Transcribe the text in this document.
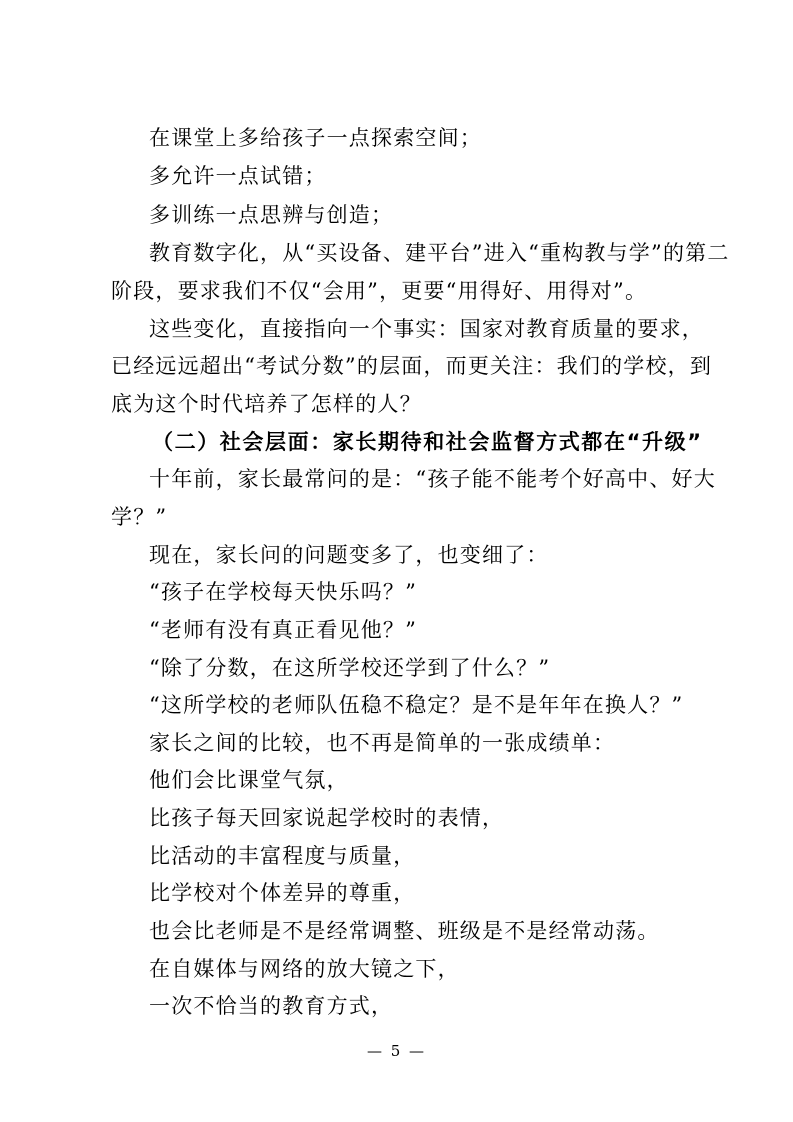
在课堂上多给孩子一点探索空间；
多允许一点试错；
多训练一点思辨与创造；
教育数字化，从“买设备、建平台”进入“重构教与学”的第二
阶段，要求我们不仅“会用”，更要“用得好、用得对”。
这些变化，直接指向一个事实：国家对教育质量的要求，
已经远远超出“考试分数”的层面，而更关注：我们的学校，到
底为这个时代培养了怎样的人？
（二）社会层面：家长期待和社会监督方式都在“升级”
十年前，家长最常问的是：“孩子能不能考个好高中、好大
学？”
现在，家长问的问题变多了，也变细了：
“孩子在学校每天快乐吗？”
“老师有没有真正看见他？”
“除了分数，在这所学校还学到了什么？”
“这所学校的老师队伍稳不稳定？是不是年年在换人？”
家长之间的比较，也不再是简单的一张成绩单：
他们会比课堂气氛，
比孩子每天回家说起学校时的表情，
比活动的丰富程度与质量，
比学校对个体差异的尊重，
也会比老师是不是经常调整、班级是不是经常动荡。
在自媒体与网络的放大镜之下，
一次不恰当的教育方式，
— 5 —
